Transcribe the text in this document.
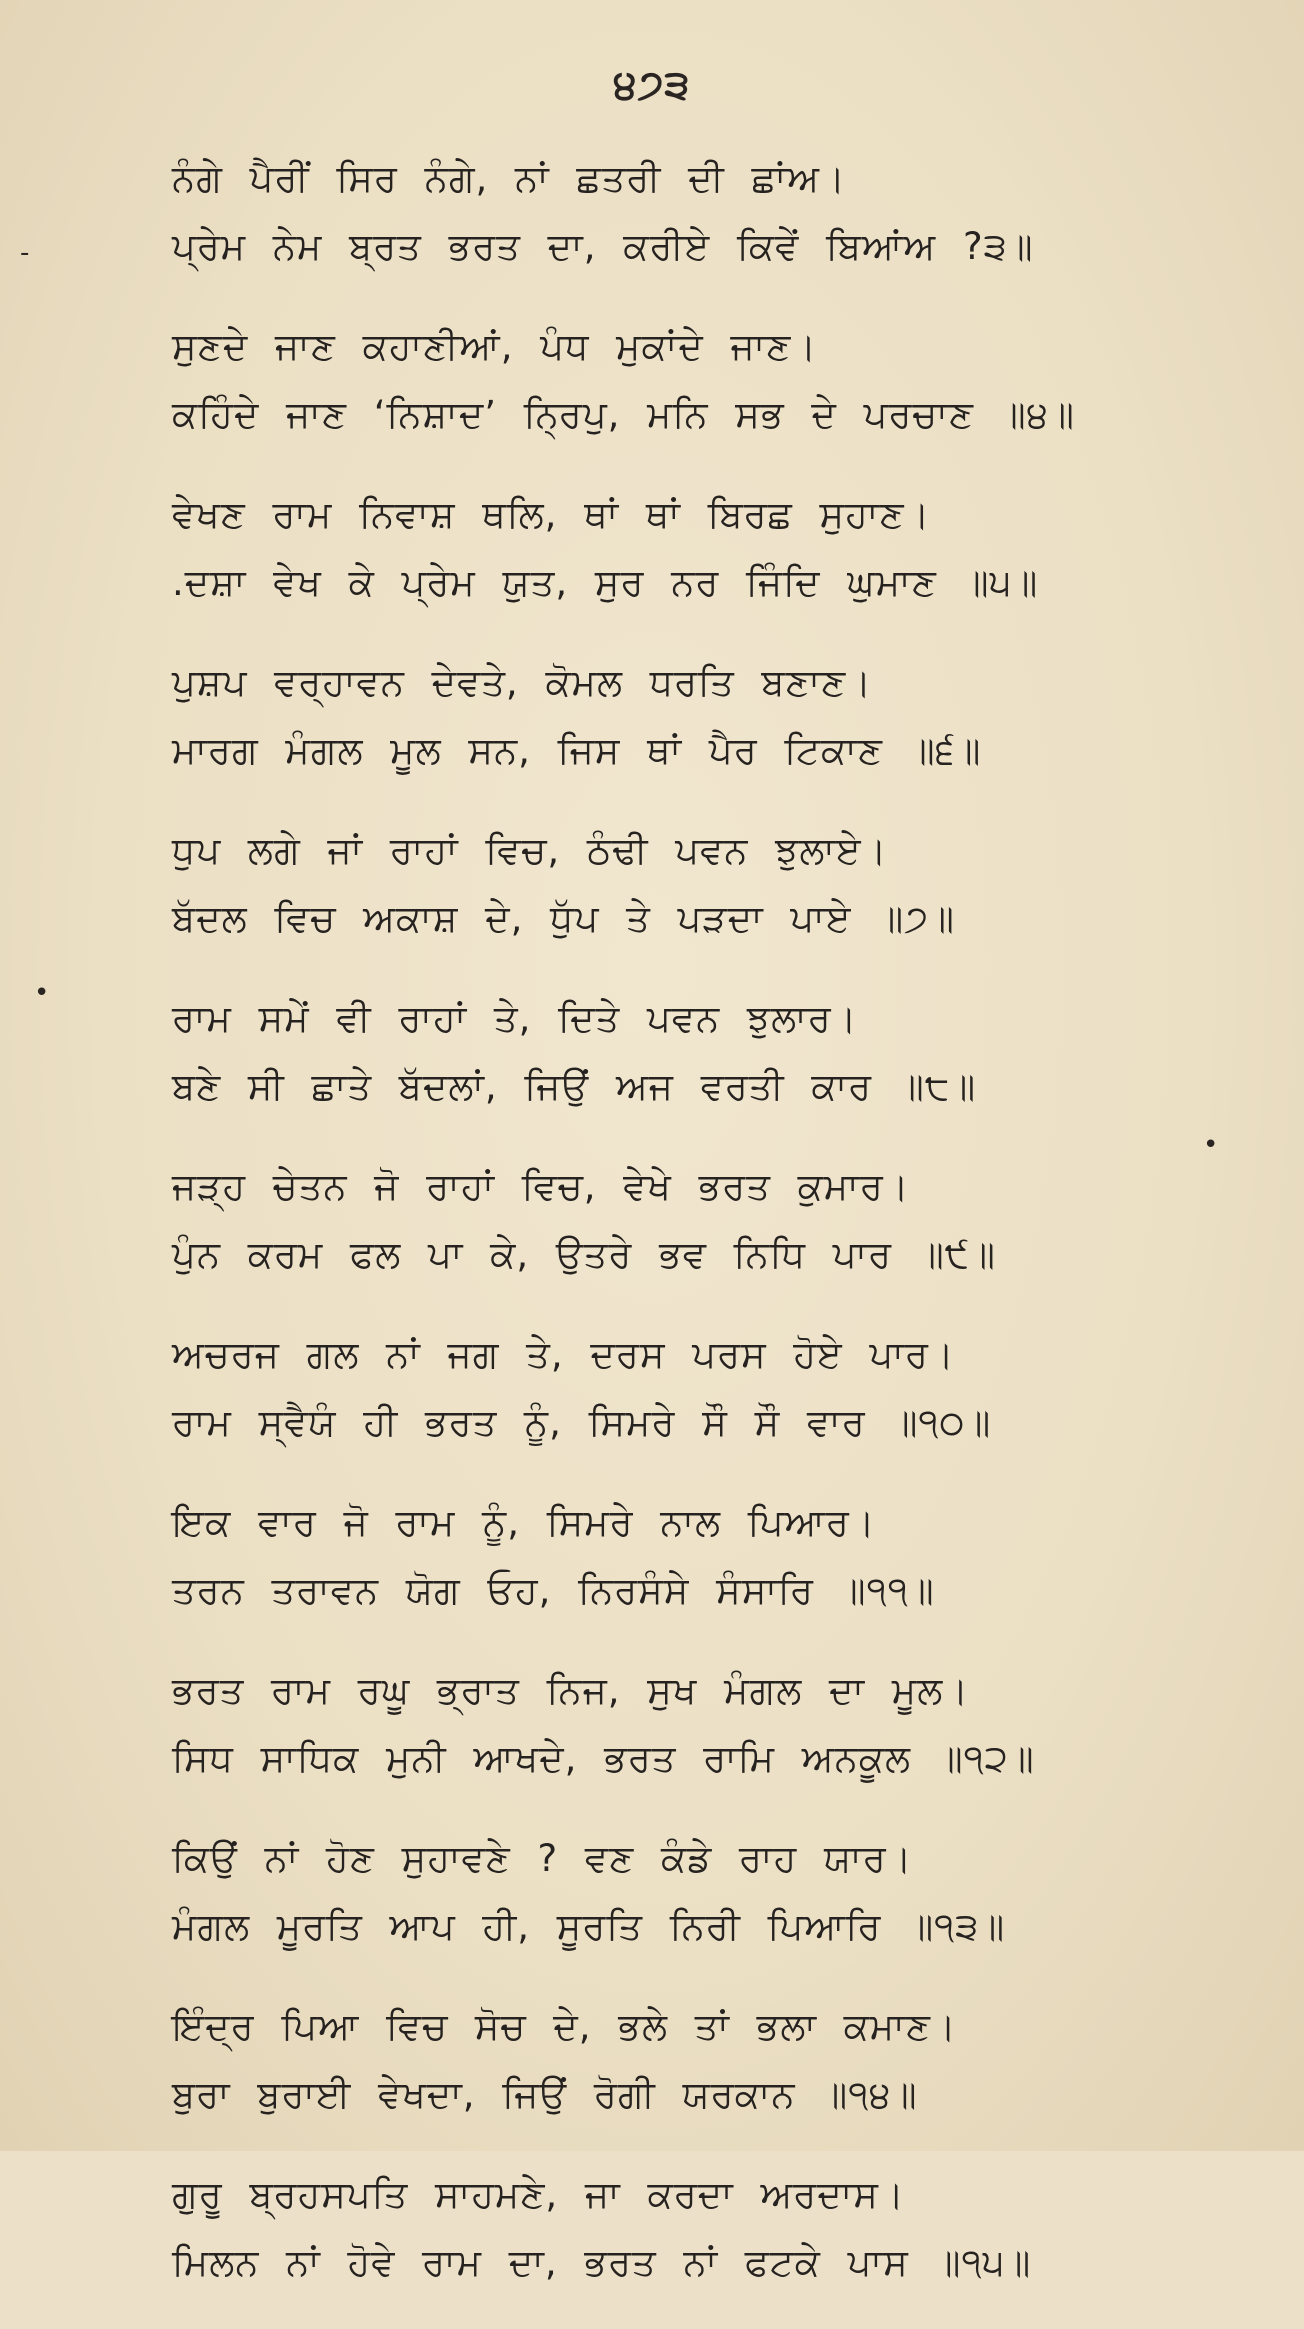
੪੭੩
-
•
•
ਨੰਗੇ ਪੈਰੀਂ ਸਿਰ ਨੰਗੇ, ਨਾਂ ਛਤਰੀ ਦੀ ਛਾਂਅ।
ਪ੍ਰੇਮ ਨੇਮ ਬ੍ਰਤ ਭਰਤ ਦਾ, ਕਰੀਏ ਕਿਵੇਂ ਬਿਆਂਅ ?੩॥
ਸੁਣਦੇ ਜਾਣ ਕਹਾਣੀਆਂ, ਪੰਧ ਮੁਕਾਂਦੇ ਜਾਣ।
ਕਹਿੰਦੇ ਜਾਣ ‘ਨਿਸ਼ਾਦ’ ਨ੍ਰਿਪੁ, ਮਨਿ ਸਭ ਦੇ ਪਰਚਾਣ ॥੪॥
ਵੇਖਣ ਰਾਮ ਨਿਵਾਸ਼ ਥਲਿ, ਥਾਂ ਥਾਂ ਬਿਰਛ ਸੁਹਾਣ।
.ਦਸ਼ਾ ਵੇਖ ਕੇ ਪ੍ਰੇਮ ਯੁਤ, ਸੁਰ ਨਰ ਜਿੰਦਿ ਘੁਮਾਣ ॥੫॥
ਪੁਸ਼ਪ ਵਰ੍ਹਾਵਨ ਦੇਵਤੇ, ਕੋਮਲ ਧਰਤਿ ਬਣਾਣ।
ਮਾਰਗ ਮੰਗਲ ਮੂਲ ਸਨ, ਜਿਸ ਥਾਂ ਪੈਰ ਟਿਕਾਣ ॥੬॥
ਧੁਪ ਲਗੇ ਜਾਂ ਰਾਹਾਂ ਵਿਚ, ਠੰਢੀ ਪਵਨ ਝੁਲਾਏ।
ਬੱਦਲ ਵਿਚ ਅਕਾਸ਼ ਦੇ, ਧੁੱਪ ਤੇ ਪੜਦਾ ਪਾਏ ॥੭॥
ਰਾਮ ਸਮੇਂ ਵੀ ਰਾਹਾਂ ਤੇ, ਦਿਤੇ ਪਵਨ ਝੁਲਾਰ।
ਬਣੇ ਸੀ ਛਾਤੇ ਬੱਦਲਾਂ, ਜਿਉਂ ਅਜ ਵਰਤੀ ਕਾਰ ॥੮॥
ਜੜ੍ਹ ਚੇਤਨ ਜੋ ਰਾਹਾਂ ਵਿਚ, ਵੇਖੇ ਭਰਤ ਕੁਮਾਰ।
ਪੁੰਨ ਕਰਮ ਫਲ ਪਾ ਕੇ, ਉਤਰੇ ਭਵ ਨਿਧਿ ਪਾਰ ॥੯॥
ਅਚਰਜ ਗਲ ਨਾਂ ਜਗ ਤੇ, ਦਰਸ ਪਰਸ ਹੋਏ ਪਾਰ।
ਰਾਮ ਸ੍ਵੈਯੰ ਹੀ ਭਰਤ ਨੂੰ, ਸਿਮਰੇ ਸੌ ਸੌ ਵਾਰ ॥੧੦॥
ਇਕ ਵਾਰ ਜੋ ਰਾਮ ਨੂੰ, ਸਿਮਰੇ ਨਾਲ ਪਿਆਰ।
ਤਰਨ ਤਰਾਵਨ ਯੋਗ ਓਹ, ਨਿਰਸੰਸੇ ਸੰਸਾਰਿ ॥੧੧॥
ਭਰਤ ਰਾਮ ਰਘੂ ਭ੍ਰਾਤ ਨਿਜ, ਸੁਖ ਮੰਗਲ ਦਾ ਮੂਲ।
ਸਿਧ ਸਾਧਿਕ ਮੁਨੀ ਆਖਦੇ, ਭਰਤ ਰਾਮਿ ਅਨਕੂਲ ॥੧੨॥
ਕਿਉਂ ਨਾਂ ਹੋਣ ਸੁਹਾਵਣੇ ? ਵਣ ਕੰਡੇ ਰਾਹ ਯਾਰ।
ਮੰਗਲ ਮੂਰਤਿ ਆਪ ਹੀ, ਸੂਰਤਿ ਨਿਰੀ ਪਿਆਰਿ ॥੧੩॥
ਇੰਦ੍ਰ ਪਿਆ ਵਿਚ ਸੋਚ ਦੇ, ਭਲੇ ਤਾਂ ਭਲਾ ਕਮਾਣ।
ਬੁਰਾ ਬੁਰਾਈ ਵੇਖਦਾ, ਜਿਉਂ ਰੋਗੀ ਯਰਕਾਨ ॥੧੪॥
ਗੁਰੂ ਬ੍ਰਹਸਪਤਿ ਸਾਹਮਣੇ, ਜਾ ਕਰਦਾ ਅਰਦਾਸ।
ਮਿਲਨ ਨਾਂ ਹੋਵੇ ਰਾਮ ਦਾ, ਭਰਤ ਨਾਂ ਫਟਕੇ ਪਾਸ ॥੧੫॥
